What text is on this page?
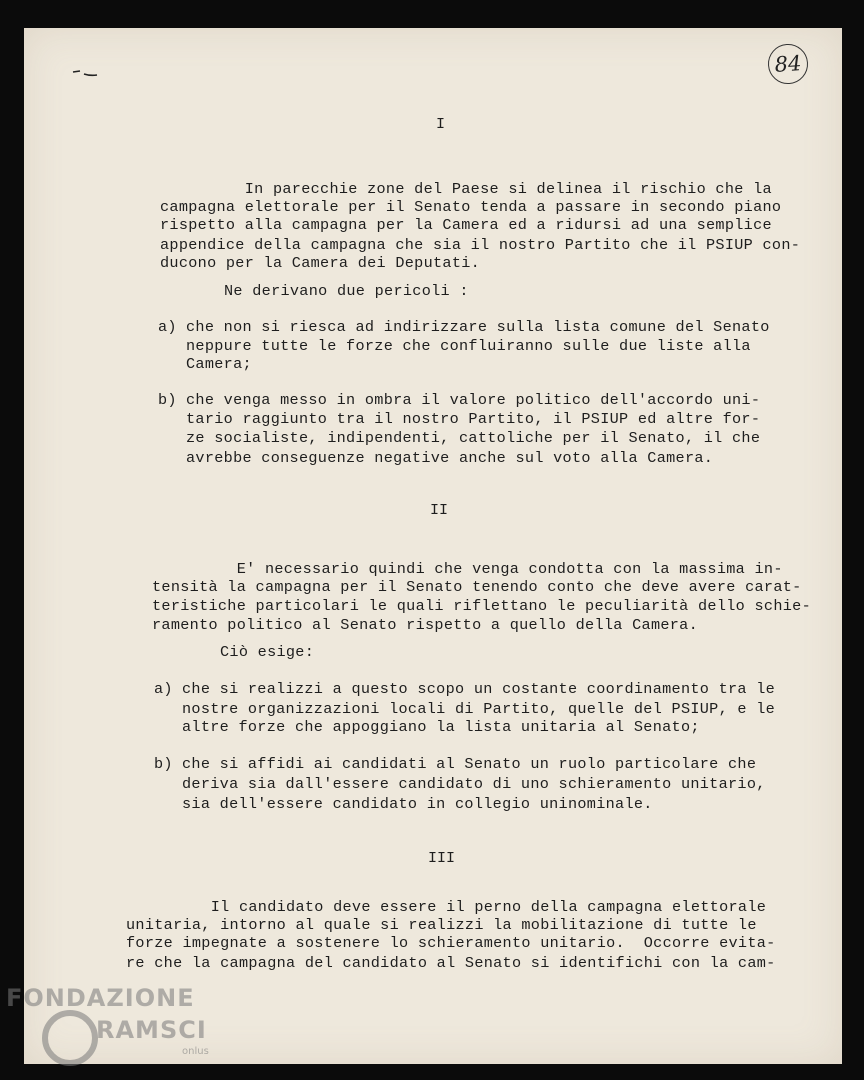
84
I
In parecchie zone del Paese si delinea il rischio che la
campagna elettorale per il Senato tenda a passare in secondo piano
rispetto alla campagna per la Camera ed a ridursi ad una semplice
appendice della campagna che sia il nostro Partito che il PSIUP con-
ducono per la Camera dei Deputati.
Ne derivano due pericoli :
a) che non si riesca ad indirizzare sulla lista comune del Senato
neppure tutte le forze che confluiranno sulle due liste alla
Camera;
b) che venga messo in ombra il valore politico dell'accordo uni-
tario raggiunto tra il nostro Partito, il PSIUP ed altre for-
ze socialiste, indipendenti, cattoliche per il Senato, il che
avrebbe conseguenze negative anche sul voto alla Camera.
II
E' necessario quindi che venga condotta con la massima in-
tensità la campagna per il Senato tenendo conto che deve avere carat-
teristiche particolari le quali riflettano le peculiarità dello schie-
ramento politico al Senato rispetto a quello della Camera.
Ciò esige:
a) che si realizzi a questo scopo un costante coordinamento tra le
nostre organizzazioni locali di Partito, quelle del PSIUP, e le
altre forze che appoggiano la lista unitaria al Senato;
b) che si affidi ai candidati al Senato un ruolo particolare che
deriva sia dall'essere candidato di uno schieramento unitario,
sia dell'essere candidato in collegio uninominale.
III
Il candidato deve essere il perno della campagna elettorale
unitaria, intorno al quale si realizzi la mobilitazione di tutte le
forze impegnate a sostenere lo schieramento unitario.  Occorre evita-
re che la campagna del candidato al Senato si identifichi con la cam-
FONDAZIONE
RAMSCI
onlus
